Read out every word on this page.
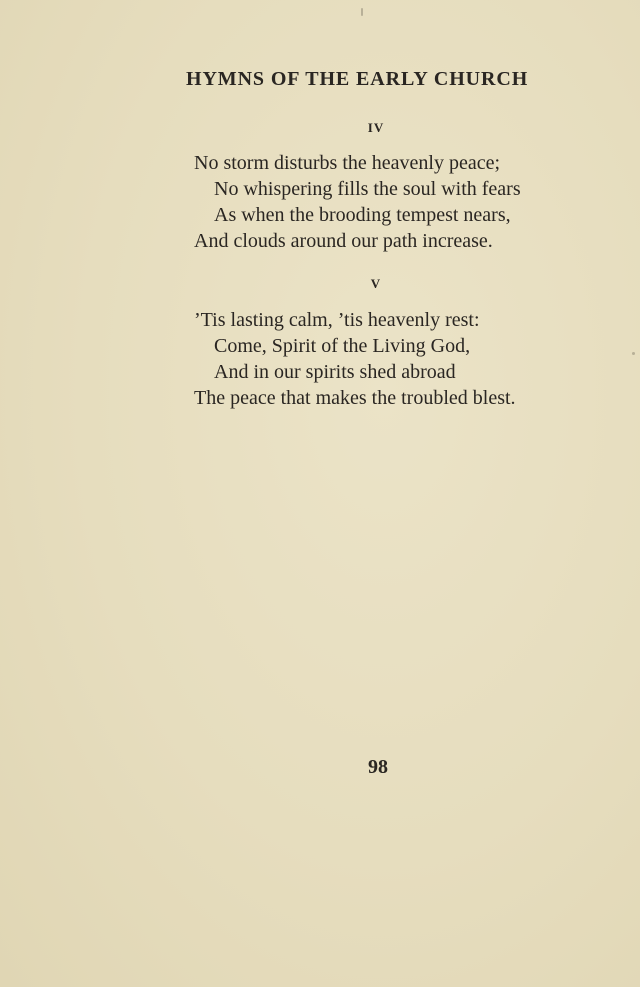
HYMNS OF THE EARLY CHURCH
IV
No storm disturbs the heavenly peace;
No whispering fills the soul with fears
As when the brooding tempest nears,
And clouds around our path increase.
V
’Tis lasting calm, ’tis heavenly rest:
Come, Spirit of the Living God,
And in our spirits shed abroad
The peace that makes the troubled blest.
98
